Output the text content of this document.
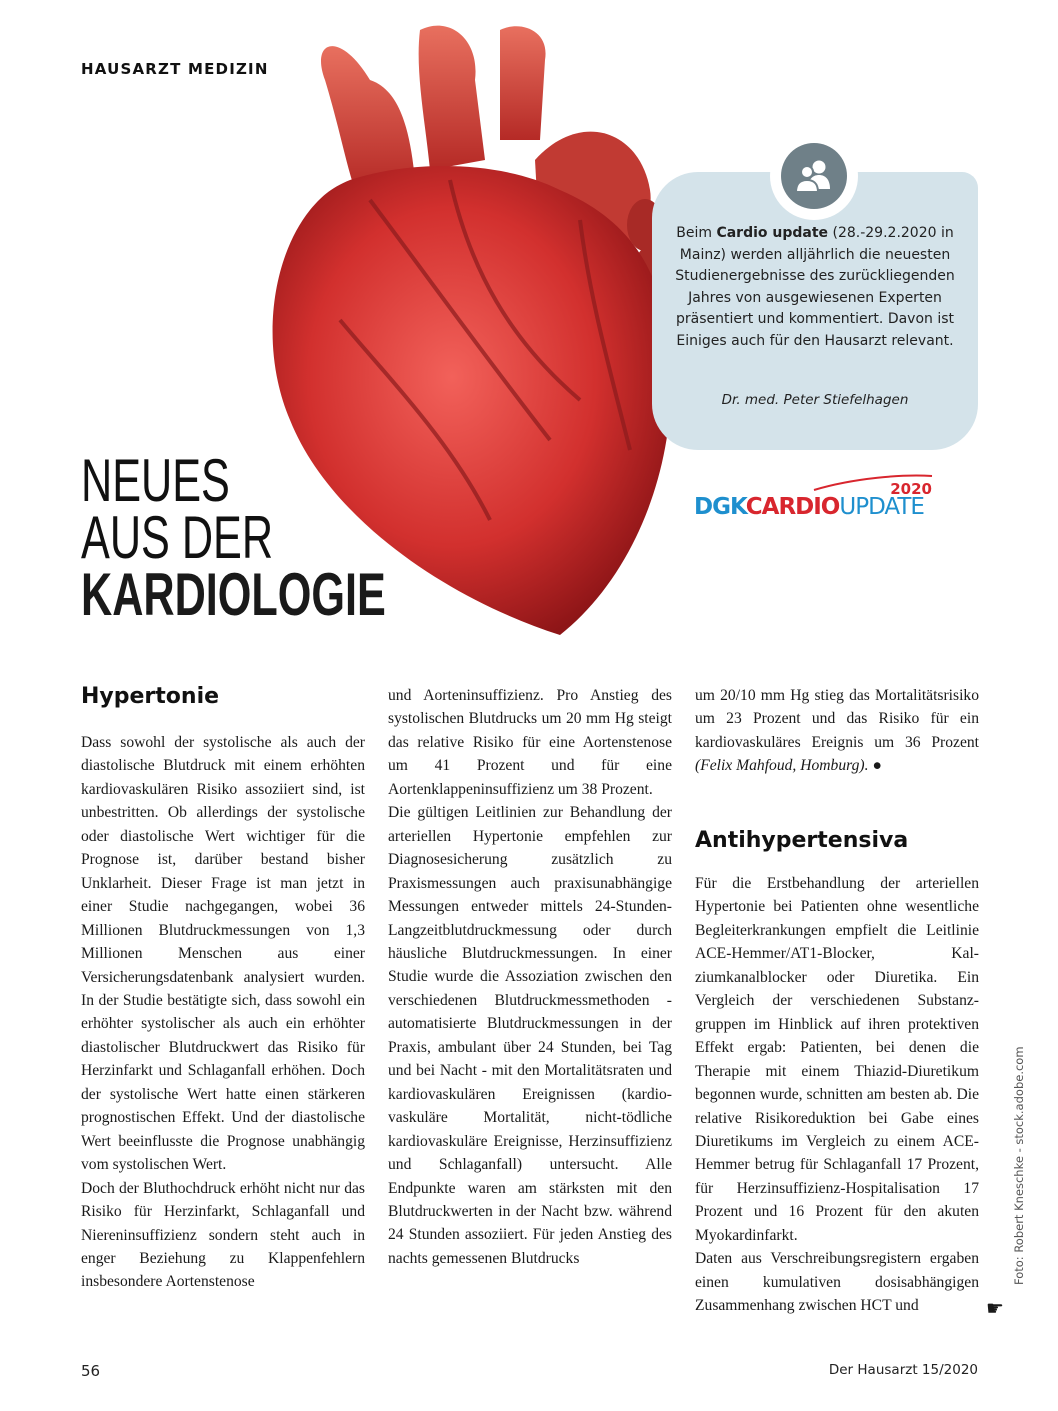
HAUSARZT MEDIZIN
NEUES
AUS DER
KARDIOLOGIE
Beim Cardio update (28.-29.2.2020 in Mainz) werden alljährlich die neuesten Studienergebnisse des zurückliegenden Jahres von ausgewiesenen Experten präsentiert und kommentiert. Davon ist Einiges auch für den Hausarzt relevant.
Dr. med. Peter Stiefelhagen
2020
DGKCARDIOUPDATE
Hypertonie

Dass sowohl der systolische als auch der diastolische Blutdruck mit einem erhöhten kardiovaskulären Risiko assoziiert sind, ist unbestritten. Ob allerdings der systolische oder diastolische Wert wichtiger für die Prognose ist, darüber bestand bisher Unklarheit. Dieser Frage ist man jetzt in einer Studie nachgegangen, wobei 36 Millionen Blutdruckmessungen von 1,3 Millionen Menschen aus einer Versicherungsdatenbank analysiert wurden. In der Studie bestätigte sich, dass sowohl ein erhöhter systolischer als auch ein erhöhter diastolischer Blutdruckwert das Risiko für Herzinfarkt und Schlaganfall erhöhen. Doch der systolische Wert hatte einen stärkeren prognostischen Effekt. Und der diastolische Wert beeinflusste die Prognose unabhängig vom systolischen Wert.

Doch der Bluthochdruck erhöht nicht nur das Risiko für Herzinfarkt, Schlaganfall und Niereninsuffizienz sondern steht auch in enger Beziehung zu Klappenfehlern insbesondere Aortenstenose

und Aorteninsuffizienz. Pro Anstieg des systolischen Blutdrucks um 20 mm Hg steigt das relative Risiko für eine Aortenstenose um 41 Prozent und für eine Aortenklappeninsuffizienz um 38 Prozent.

Die gültigen Leitlinien zur Behandlung der arteriellen Hypertonie empfehlen zur Diagnosesicherung zusätzlich zu Praxismessungen auch praxisunabhängige Messungen entweder mittels 24-Stunden-Langzeitblutdruckmessung oder durch häusliche Blutdruckmessungen. In einer Studie wurde die Assoziation zwischen den verschiedenen Blutdruckmessmethoden - automatisierte Blutdruckmessungen in der Praxis, ambulant über 24 Stunden, bei Tag und bei Nacht - mit den Mortalitätsraten und kardiovaskulären Ereignissen (kardiovaskuläre Mortalität, nicht-tödliche kardiovaskuläre Ereignisse, Herzinsuffizienz und Schlaganfall) untersucht. Alle Endpunkte waren am stärksten mit den Blutdruckwerten in der Nacht bzw. während 24 Stunden assoziiert. Für jeden Anstieg des nachts gemessenen Blutdrucks

um 20/10 mm Hg stieg das Mortalitätsrisiko um 23 Prozent und das Risiko für ein kardiovaskuläres Ereignis um 36 Prozent (Felix Mahfoud, Homburg). ●

Antihypertensiva

Für die Erstbehandlung der arteriellen Hypertonie bei Patienten ohne wesentliche Begleiterkrankungen empfielt die Leitlinie ACE-Hemmer/AT1-Blocker, Kalziumkanalblocker oder Diuretika. Ein Vergleich der verschiedenen Substanzgruppen im Hinblick auf ihren protektiven Effekt ergab: Patienten, bei denen die Therapie mit einem Thiazid-Diuretikum begonnen wurde, schnitten am besten ab. Die relative Risikoreduktion bei Gabe eines Diuretikums im Vergleich zu einem ACE-Hemmer betrug für Schlaganfall 17 Prozent, für Herzinsuffizienz-Hospitalisation 17 Prozent und 16 Prozent für den akuten Myokardinfarkt.

Daten aus Verschreibungsregistern ergaben einen kumulativen dosisabhängigen Zusammenhang zwischen HCT und	☛
Foto: Robert Kneschke - stock.adobe.com
56	Der Hausarzt 15/2020
